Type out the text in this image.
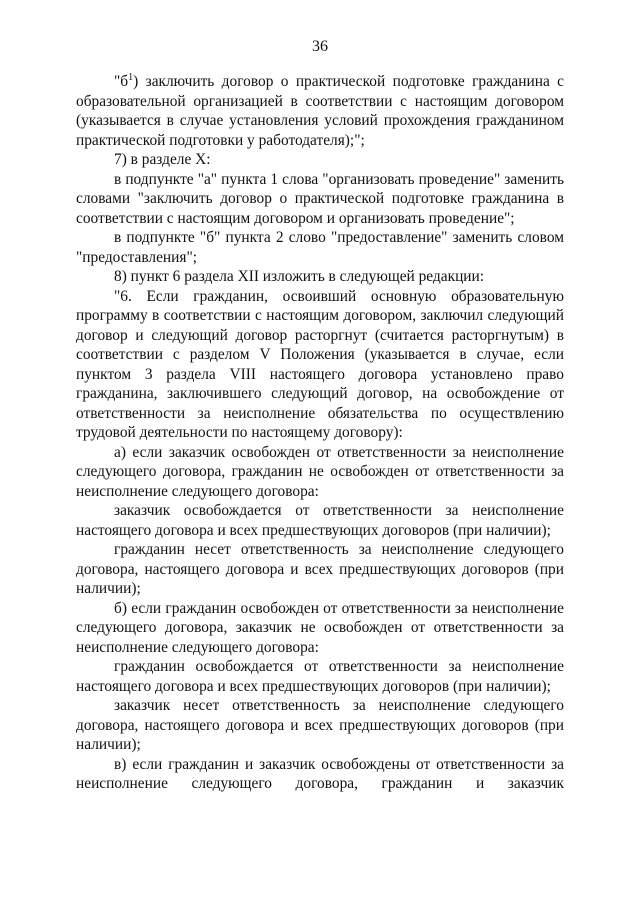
36

"$б^1$) заключить договор о практической подготовке гражданина с образовательной организацией в соответствии с настоящим договором (указывается в случае установления условий прохождения гражданином практической подготовки у работодателя);";

7) в разделе X:

в подпункте "а" пункта 1 слова "организовать проведение" заменить словами "заключить договор о практической подготовке гражданина в соответствии с настоящим договором и организовать проведение";

в подпункте "б" пункта 2 слово "предоставление" заменить словом "предоставления";

8) пункт 6 раздела XII изложить в следующей редакции:

"6. Если гражданин, освоивший основную образовательную программу в соответствии с настоящим договором, заключил следующий договор и следующий договор расторгнут (считается расторгнутым) в соответствии с разделом V Положения (указывается в случае, если пунктом 3 раздела VIII настоящего договора установлено право гражданина, заключившего следующий договор, на освобождение от ответственности за неисполнение обязательства по осуществлению трудовой деятельности по настоящему договору):

а) если заказчик освобожден от ответственности за неисполнение следующего договора, гражданин не освобожден от ответственности за неисполнение следующего договора:

заказчик освобождается от ответственности за неисполнение настоящего договора и всех предшествующих договоров (при наличии);

гражданин несет ответственность за неисполнение следующего договора, настоящего договора и всех предшествующих договоров (при наличии);

б) если гражданин освобожден от ответственности за неисполнение следующего договора, заказчик не освобожден от ответственности за неисполнение следующего договора:

гражданин освобождается от ответственности за неисполнение настоящего договора и всех предшествующих договоров (при наличии);

заказчик несет ответственность за неисполнение следующего договора, настоящего договора и всех предшествующих договоров (при наличии);

в) если гражданин и заказчик освобождены от ответственности за неисполнение следующего договора, гражданин и заказчик
